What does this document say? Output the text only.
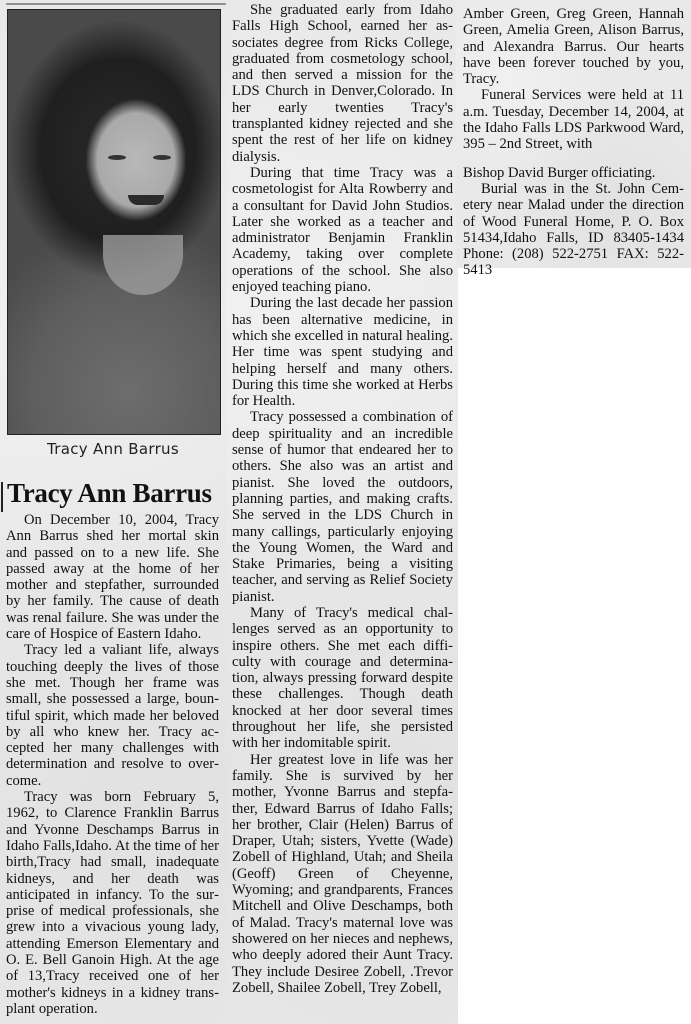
Tracy Ann Barrus
Tracy Ann Barrus

On December 10, 2004, Tracy Ann Barrus shed her mortal skin and passed on to a new life. She passed away at the home of her mother and stepfather, surrounded by her family. The cause of death was renal failure. She was under the care of Hospice of Eastern Idaho.

Tracy led a valiant life, always touching deeply the lives of those she met. Though her frame was small, she possessed a large, bountiful spirit, which made her beloved by all who knew her. Tracy accepted her many challenges with determination and resolve to overcome.

Tracy was born February 5, 1962, to Clarence Franklin Barrus and Yvonne Deschamps Barrus in Idaho Falls,Idaho. At the time of her birth,Tracy had small, inadequate kidneys, and her death was anticipated in infancy. To the surprise of medical professionals, she grew into a vivacious young lady, attending Emerson Elementary and O. E. Bell Ganoin High. At the age of 13,Tracy received one of her mother's kidneys in a kidney transplant operation.

She graduated early from Idaho Falls High School, earned her associates degree from Ricks College, graduated from cosmetology school, and then served a mission for the LDS Church in Denver,Colorado. In her early twenties Tracy's transplanted kidney rejected and she spent the rest of her life on kidney dialysis.

During that time Tracy was a cosmetologist for Alta Rowberry and a consultant for David John Studios. Later she worked as a teacher and administrator Benjamin Franklin Academy, taking over complete operations of the school. She also enjoyed teaching piano.

During the last decade her passion has been alternative medicine, in which she excelled in natural healing. Her time was spent studying and helping herself and many others. During this time she worked at Herbs for Health.

Tracy possessed a combination of deep spirituality and an incredible sense of humor that endeared her to others. She also was an artist and pianist. She loved the outdoors, planning parties, and making crafts. She served in the LDS Church in many callings, particularly enjoying the Young Women, the Ward and Stake Primaries, being a visiting teacher, and serving as Relief Society pianist.

Many of Tracy's medical challenges served as an opportunity to inspire others. She met each difficulty with courage and determination, always pressing forward despite these challenges. Though death knocked at her door several times throughout her life, she persisted with her indomitable spirit.

Her greatest love in life was her family. She is survived by her mother, Yvonne Barrus and stepfather, Edward Barrus of Idaho Falls; her brother, Clair (Helen) Barrus of Draper, Utah; sisters, Yvette (Wade) Zobell of Highland, Utah; and Sheila (Geoff) Green of Cheyenne, Wyoming; and grandparents, Frances Mitchell and Olive Deschamps, both of Malad. Tracy's maternal love was showered on her nieces and nephews, who deeply adored their Aunt Tracy. They include Desiree Zobell, .Trevor Zobell, Shailee Zobell, Trey Zobell,

Amber Green, Greg Green, Hannah Green, Amelia Green, Alison Barrus, and Alexandra Barrus. Our hearts have been forever touched by you, Tracy.

Funeral Services were held at 11 a.m. Tuesday, December 14, 2004, at the Idaho Falls LDS Parkwood Ward, 395 – 2nd Street, with

Bishop David Burger officiating.

Burial was in the St. John Cemetery near Malad under the direction of Wood Funeral Home, P. O. Box 51434,Idaho Falls, ID 83405-1434 Phone: (208) 522-2751 FAX: 522-5413
